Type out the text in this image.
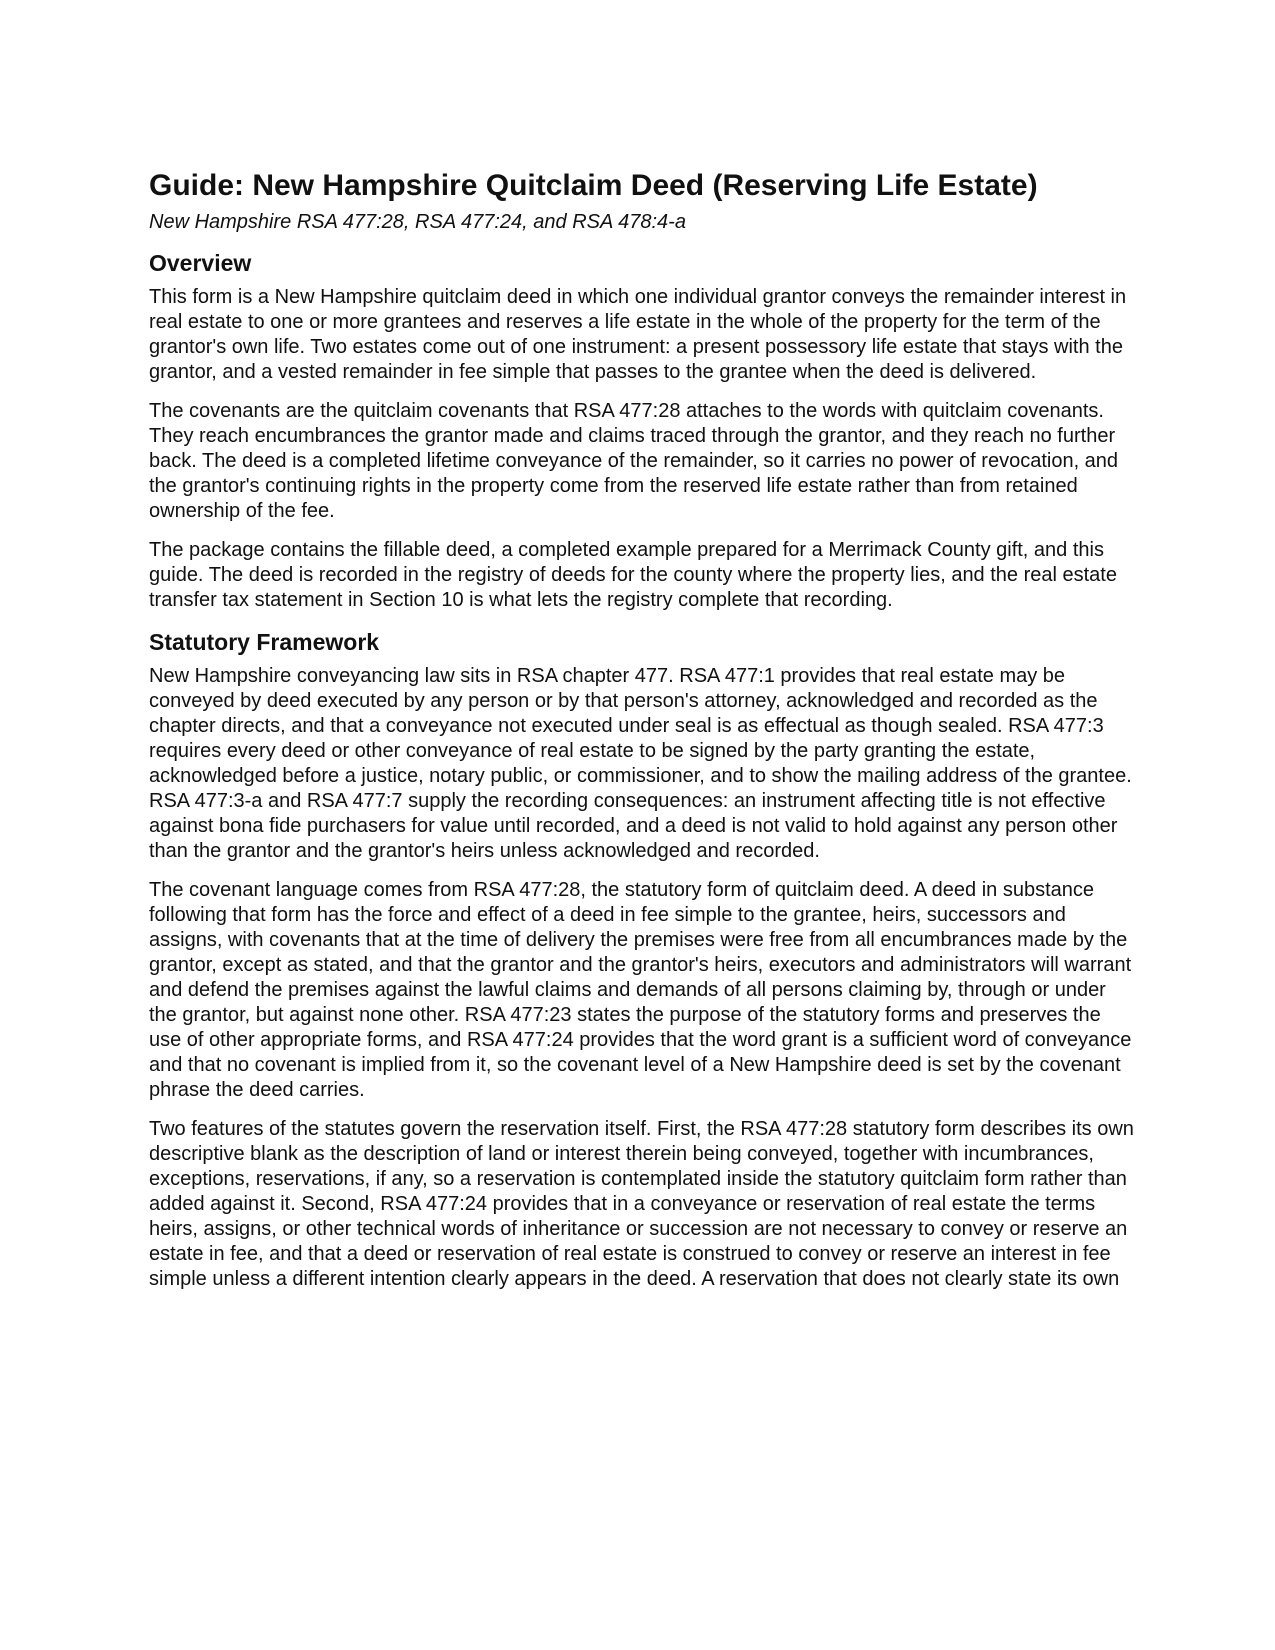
Guide: New Hampshire Quitclaim Deed (Reserving Life Estate)
New Hampshire RSA 477:28, RSA 477:24, and RSA 478:4-a
Overview

This form is a New Hampshire quitclaim deed in which one individual grantor conveys the remainder interest in real estate to one or more grantees and reserves a life estate in the whole of the property for the term of the grantor's own life. Two estates come out of one instrument: a present possessory life estate that stays with the grantor, and a vested remainder in fee simple that passes to the grantee when the deed is delivered.

The covenants are the quitclaim covenants that RSA 477:28 attaches to the words with quitclaim covenants. They reach encumbrances the grantor made and claims traced through the grantor, and they reach no further back. The deed is a completed lifetime conveyance of the remainder, so it carries no power of revocation, and the grantor's continuing rights in the property come from the reserved life estate rather than from retained ownership of the fee.

The package contains the fillable deed, a completed example prepared for a Merrimack County gift, and this guide. The deed is recorded in the registry of deeds for the county where the property lies, and the real estate transfer tax statement in Section 10 is what lets the registry complete that recording.

Statutory Framework

New Hampshire conveyancing law sits in RSA chapter 477. RSA 477:1 provides that real estate may be conveyed by deed executed by any person or by that person's attorney, acknowledged and recorded as the chapter directs, and that a conveyance not executed under seal is as effectual as though sealed. RSA 477:3 requires every deed or other conveyance of real estate to be signed by the party granting the estate, acknowledged before a justice, notary public, or commissioner, and to show the mailing address of the grantee. RSA 477:3-a and RSA 477:7 supply the recording consequences: an instrument affecting title is not effective against bona fide purchasers for value until recorded, and a deed is not valid to hold against any person other than the grantor and the grantor's heirs unless acknowledged and recorded.

The covenant language comes from RSA 477:28, the statutory form of quitclaim deed. A deed in substance following that form has the force and effect of a deed in fee simple to the grantee, heirs, successors and assigns, with covenants that at the time of delivery the premises were free from all encumbrances made by the grantor, except as stated, and that the grantor and the grantor's heirs, executors and administrators will warrant and defend the premises against the lawful claims and demands of all persons claiming by, through or under the grantor, but against none other. RSA 477:23 states the purpose of the statutory forms and preserves the use of other appropriate forms, and RSA 477:24 provides that the word grant is a sufficient word of conveyance and that no covenant is implied from it, so the covenant level of a New Hampshire deed is set by the covenant phrase the deed carries.

Two features of the statutes govern the reservation itself. First, the RSA 477:28 statutory form describes its own descriptive blank as the description of land or interest therein being conveyed, together with incumbrances, exceptions, reservations, if any, so a reservation is contemplated inside the statutory quitclaim form rather than added against it. Second, RSA 477:24 provides that in a conveyance or reservation of real estate the terms heirs, assigns, or other technical words of inheritance or succession are not necessary to convey or reserve an estate in fee, and that a deed or reservation of real estate is construed to convey or reserve an interest in fee simple unless a different intention clearly appears in the deed. A reservation that does not clearly state its own
